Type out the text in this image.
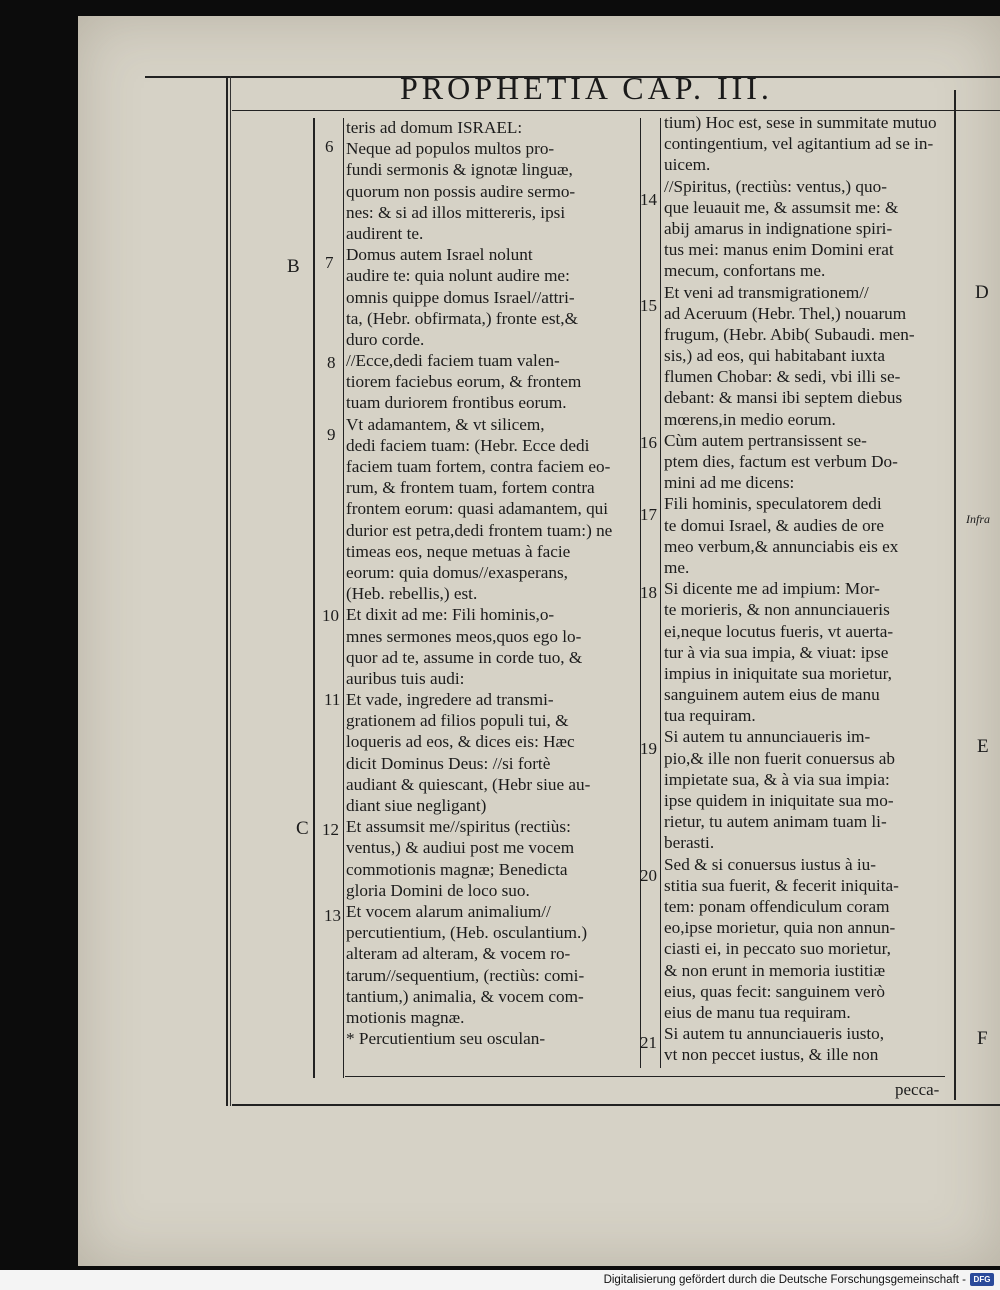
PROPHETIA CAP. III.
teris ad domum ISRAEL:
Neque ad populos multos pro-
fundi sermonis & ignotæ linguæ,
quorum non possis audire sermo-
nes: & si ad illos mittereris, ipsi
audirent te.
Domus autem Israel nolunt
audire te: quia nolunt audire me:
omnis quippe domus Israel//attri-
ta, (Hebr. obfirmata,) fronte est,&
duro corde.
//Ecce,dedi faciem tuam valen-
tiorem faciebus eorum, & frontem
tuam duriorem frontibus eorum.
Vt adamantem, & vt silicem,
dedi faciem tuam: (Hebr. Ecce dedi
faciem tuam fortem, contra faciem eo-
rum, & frontem tuam, fortem contra
frontem eorum: quasi adamantem, qui
durior est petra,dedi frontem tuam:) ne
timeas eos, neque metuas à facie
eorum: quia domus//exasperans,
(Heb. rebellis,) est.
Et dixit ad me: Fili hominis,o-
mnes sermones meos,quos ego lo-
quor ad te, assume in corde tuo, &
auribus tuis audi:
Et vade, ingredere ad transmi-
grationem ad filios populi tui, &
loqueris ad eos, & dices eis: Hæc
dicit Dominus Deus: //si fortè
audiant & quiescant, (Hebr siue au-
diant siue negligant)
Et assumsit me//spiritus (rectiùs:
ventus,) & audiui post me vocem
commotionis magnæ; Benedicta
gloria Domini de loco suo.
Et vocem alarum animalium//
percutientium, (Heb. osculantium.)
alteram ad alteram, & vocem ro-
tarum//sequentium, (rectiùs: comi-
tantium,) animalia, & vocem com-
motionis magnæ.
* Percutientium seu osculan-
tium) Hoc est, sese in summitate mutuo
contingentium, vel agitantium ad se in-
uicem.
//Spiritus, (rectiùs: ventus,) quo-
que leuauit me, & assumsit me: &
abij amarus in indignatione spiri-
tus mei: manus enim Domini erat
mecum, confortans me.
Et veni ad transmigrationem//
ad Aceruum (Hebr. Thel,) nouarum
frugum, (Hebr. Abib( Subaudi. men-
sis,) ad eos, qui habitabant iuxta
flumen Chobar: & sedi, vbi illi se-
debant: & mansi ibi septem diebus
mœrens,in medio eorum.
Cùm autem pertransissent se-
ptem dies, factum est verbum Do-
mini ad me dicens:
Fili hominis, speculatorem dedi
te domui Israel, & audies de ore
meo verbum,& annunciabis eis ex
me.
Si dicente me ad impium: Mor-
te morieris, & non annunciaueris
ei,neque locutus fueris, vt auerta-
tur à via sua impia, & viuat: ipse
impius in iniquitate sua morietur,
sanguinem autem eius de manu
tua requiram.
Si autem tu annunciaueris im-
pio,& ille non fuerit conuersus ab
impietate sua, & à via sua impia:
ipse quidem in iniquitate sua mo-
rietur, tu autem animam tuam li-
berasti.
Sed & si conuersus iustus à iu-
stitia sua fuerit, & fecerit iniquita-
tem: ponam offendiculum coram
eo,ipse morietur, quia non annun-
ciasti ei, in peccato suo morietur,
& non erunt in memoria iustitiæ
eius, quas fecit: sanguinem verò
eius de manu tua requiram.
Si autem tu annunciaueris iusto,
vt non peccet iustus, & ille non
6
7
8
9
10
11
12
13
14
15
16
17
18
19
20
21
B
C
D
E
F
Infra
pecca-
Digitalisierung gefördert durch die Deutsche Forschungsgemeinschaft - DFG
